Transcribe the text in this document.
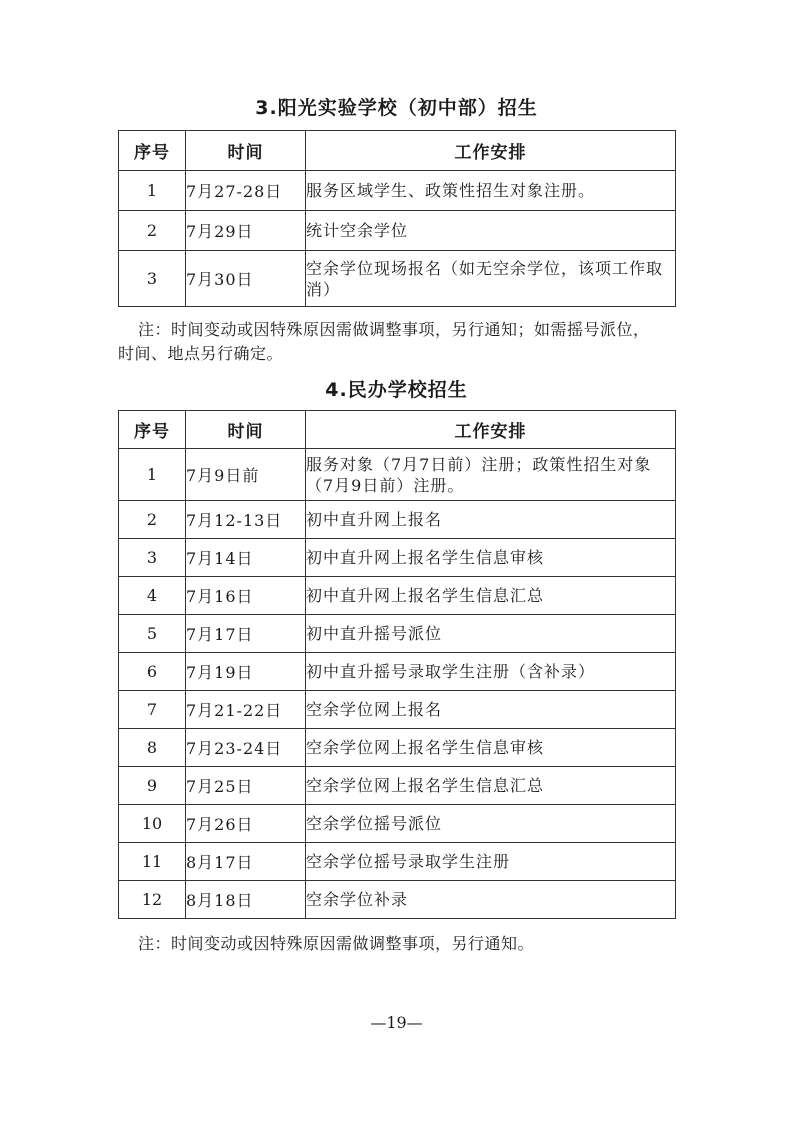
3.阳光实验学校（初中部）招生
序号	时间	工作安排
1	7月27-28日	服务区域学生、政策性招生对象注册。
2	7月29日	统计空余学位
3	7月30日	空余学位现场报名（如无空余学位，该项工作取消）
注：时间变动或因特殊原因需做调整事项，另行通知；如需摇号派位，
时间、地点另行确定。
4.民办学校招生
序号	时间	工作安排
1	7月9日前	服务对象（7月7日前）注册；政策性招生对象（7月9日前）注册。
2	7月12-13日	初中直升网上报名
3	7月14日	初中直升网上报名学生信息审核
4	7月16日	初中直升网上报名学生信息汇总
5	7月17日	初中直升摇号派位
6	7月19日	初中直升摇号录取学生注册（含补录）
7	7月21-22日	空余学位网上报名
8	7月23-24日	空余学位网上报名学生信息审核
9	7月25日	空余学位网上报名学生信息汇总
10	7月26日	空余学位摇号派位
11	8月17日	空余学位摇号录取学生注册
12	8月18日	空余学位补录
注：时间变动或因特殊原因需做调整事项，另行通知。
—19—
